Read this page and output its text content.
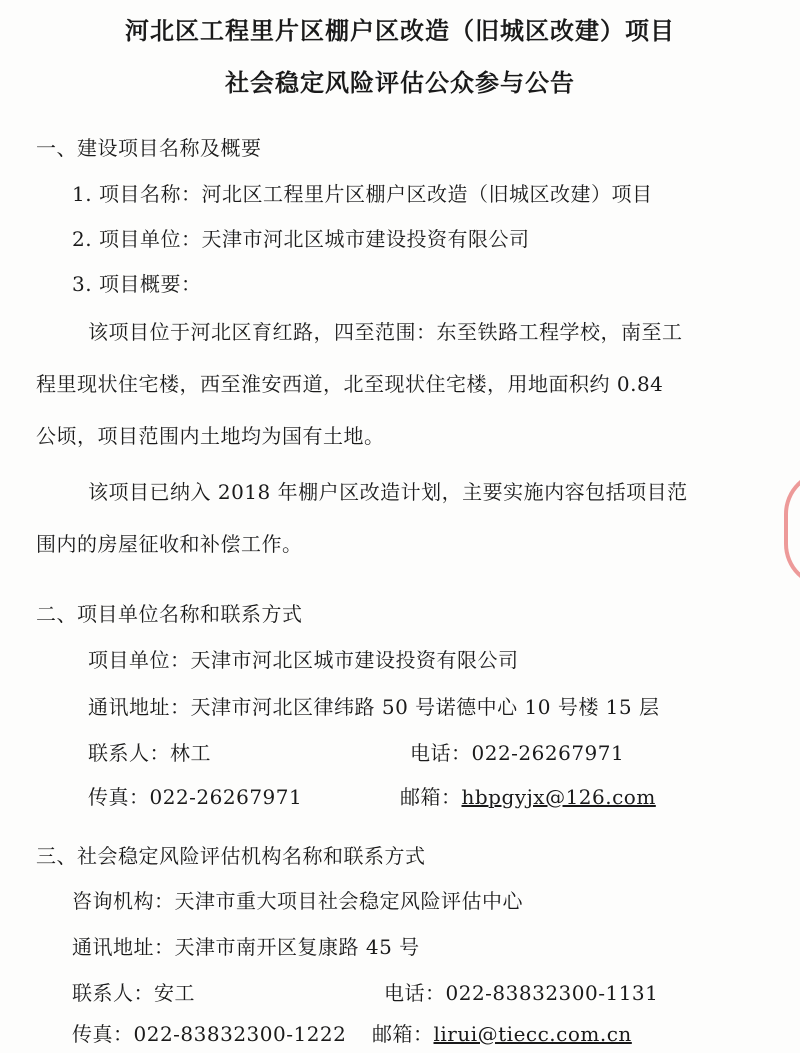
河北区工程里片区棚户区改造（旧城区改建）项目
社会稳定风险评估公众参与公告
一、建设项目名称及概要
1. 项目名称：河北区工程里片区棚户区改造（旧城区改建）项目
2. 项目单位：天津市河北区城市建设投资有限公司
3. 项目概要：
该项目位于河北区育红路，四至范围：东至铁路工程学校，南至工
程里现状住宅楼，西至淮安西道，北至现状住宅楼，用地面积约 0.84
公顷，项目范围内土地均为国有土地。
该项目已纳入 2018 年棚户区改造计划，主要实施内容包括项目范
围内的房屋征收和补偿工作。
二、项目单位名称和联系方式
项目单位：天津市河北区城市建设投资有限公司
通讯地址：天津市河北区律纬路 50 号诺德中心 10 号楼 15 层
联系人：林工	电话：022-26267971
传真：022-26267971	邮箱：hbpgyjx@126.com
三、社会稳定风险评估机构名称和联系方式
咨询机构：天津市重大项目社会稳定风险评估中心
通讯地址：天津市南开区复康路 45 号
联系人：安工	电话：022-83832300-1131
传真：022-83832300-1222 邮箱：lirui@tiecc.com.cn
